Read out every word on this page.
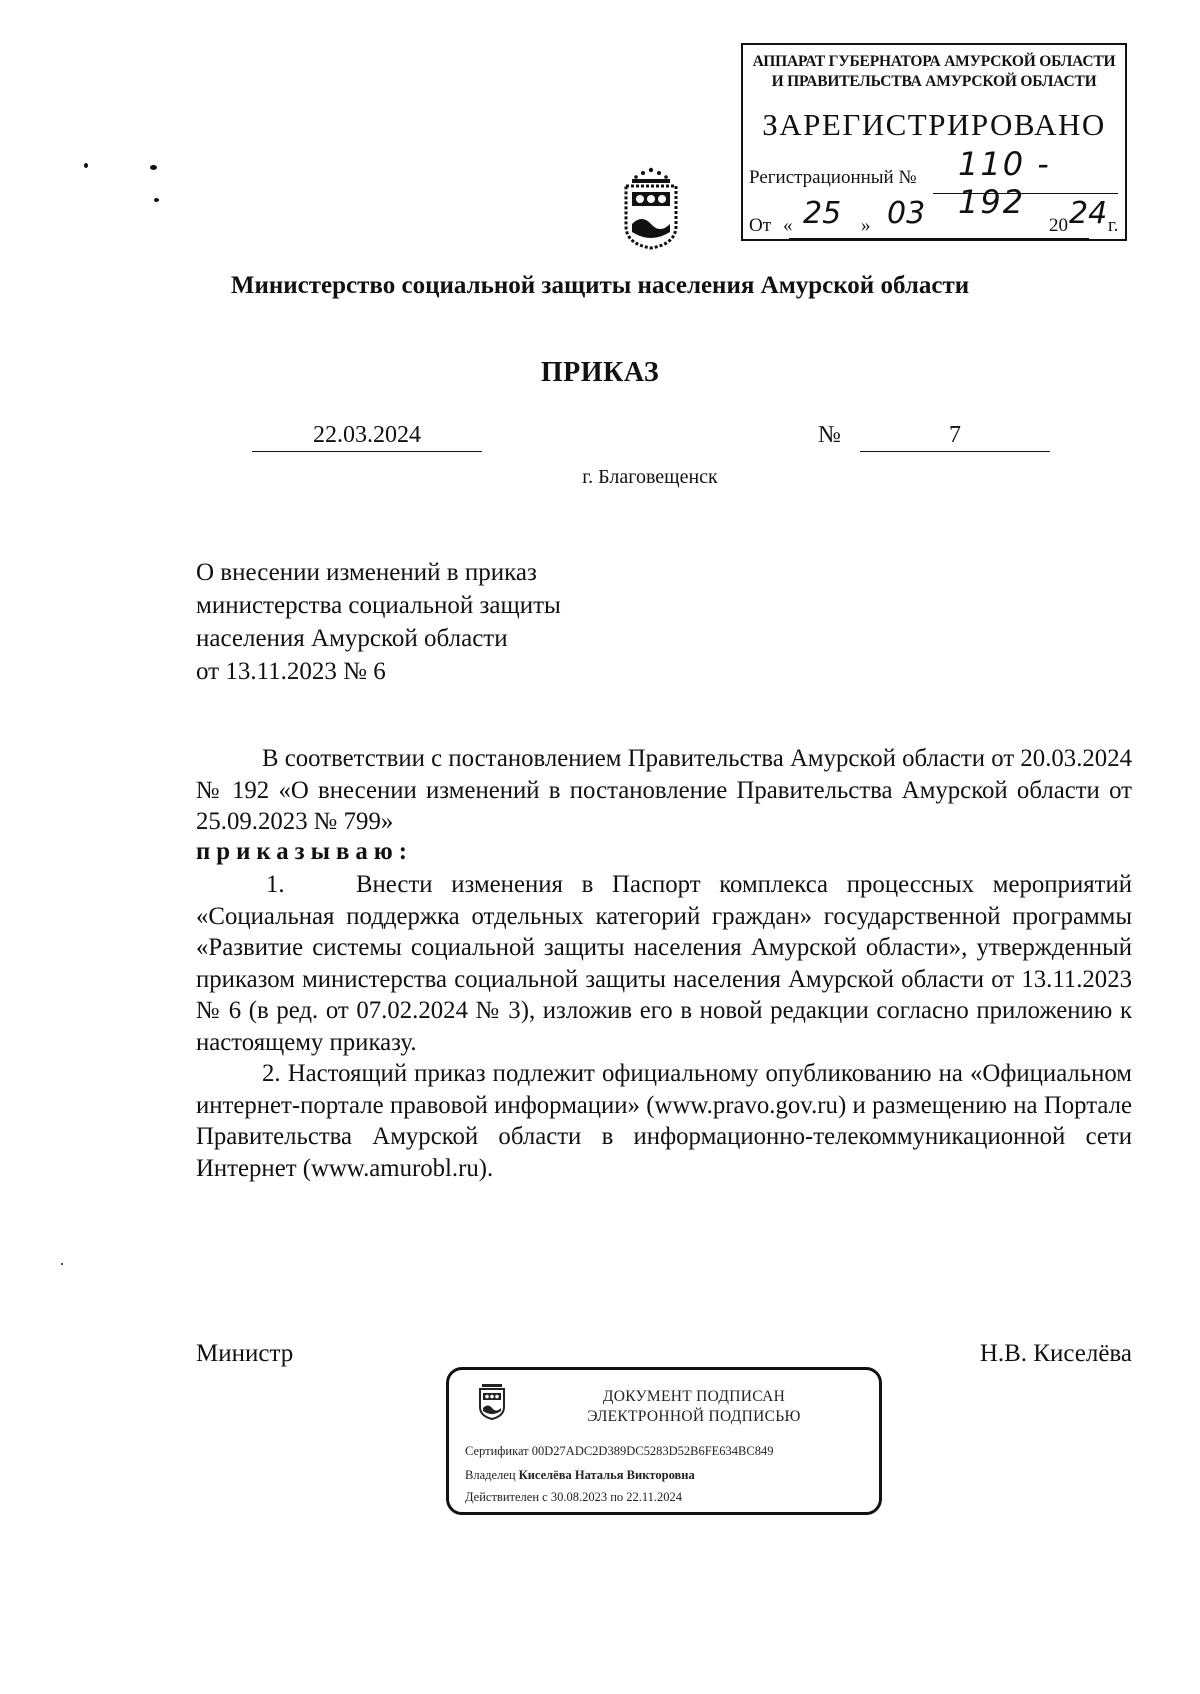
АППАРАТ ГУБЕРНАТОРА АМУРСКОЙ ОБЛАСТИ
И ПРАВИТЕЛЬСТВА АМУРСКОЙ ОБЛАСТИ
ЗАРЕГИСТРИРОВАНО
Регистрационный № 110 - 192
От « 25 » 03	20 24 г.
Министерство социальной защиты населения Амурской области
ПРИКАЗ
22.03.2024	№	7
г. Благовещенск
О внесении изменений в приказ
министерства социальной защиты
населения Амурской области
от 13.11.2023 № 6
В соответствии с постановлением Правительства Амурской области от 20.03.2024 № 192 «О внесении изменений в постановление Правительства Амурской области от 25.09.2023 № 799»
приказываю:
1.	Внести изменения в Паспорт комплекса процессных мероприятий «Социальная поддержка отдельных категорий граждан» государственной программы «Развитие системы социальной защиты населения Амурской области», утвержденный приказом министерства социальной защиты населения Амурской области от 13.11.2023 № 6 (в ред. от 07.02.2024 № 3), изложив его в новой редакции согласно приложению к настоящему приказу.
2. Настоящий приказ подлежит официальному опубликованию на «Официальном интернет-портале правовой информации» (www.pravo.gov.ru) и размещению на Портале Правительства Амурской области в информационно-телекоммуникационной сети Интернет (www.amurobl.ru).
Министр	Н.В. Киселёва
ДОКУМЕНТ ПОДПИСАН
ЭЛЕКТРОННОЙ ПОДПИСЬЮ
Сертификат 00D27ADC2D389DC5283D52B6FE634BC849
Владелец Киселёва Наталья Викторовна
Действителен с 30.08.2023 по 22.11.2024
